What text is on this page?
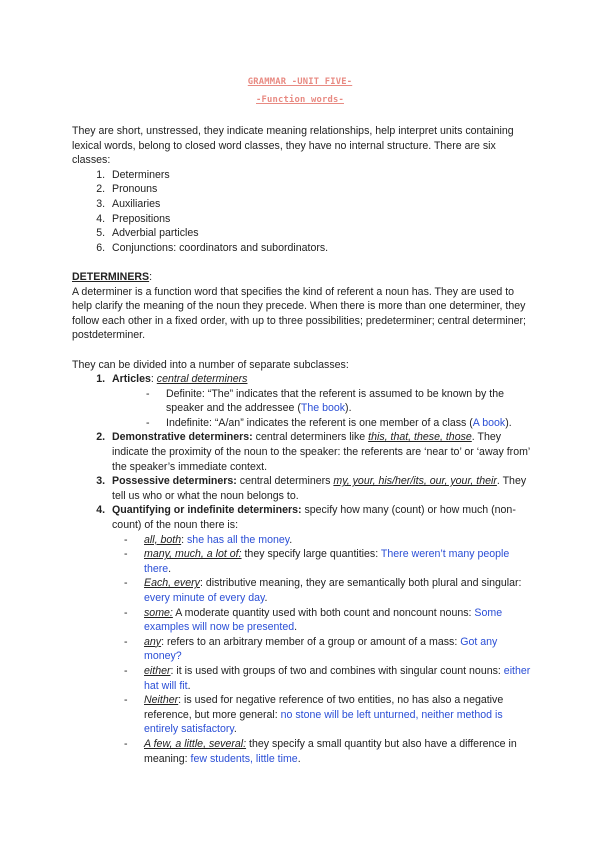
GRAMMAR -UNIT FIVE-
-Function words-

They are short, unstressed, they indicate meaning relationships, help interpret units containing lexical words, belong to closed word classes, they have no internal structure. There are six classes:

1. Determiners
2. Pronouns
3. Auxiliaries
4. Prepositions
5. Adverbial particles
6. Conjunctions: coordinators and subordinators.

DETERMINERS:

A determiner is a function word that specifies the kind of referent a noun has. They are used to help clarify the meaning of the noun they precede. When there is more than one determiner, they follow each other in a fixed order, with up to three possibilities; predeterminer; central determiner; postdeterminer.

They can be divided into a number of separate subclasses:

1. Articles: central determiners
- Definite: “The” indicates that the referent is assumed to be known by the speaker and the addressee (The book).
- Indefinite: “A/an” indicates the referent is one member of a class (A book).
2. Demonstrative determiners: central determiners like this, that, these, those. They indicate the proximity of the noun to the speaker: the referents are ‘near to’ or ‘away from’ the speaker’s immediate context.
3. Possessive determiners: central determiners my, your, his/her/its, our, your, their. They tell us who or what the noun belongs to.
4. Quantifying or indefinite determiners: specify how many (count) or how much (non-count) of the noun there is:
- all, both: she has all the money.
- many, much, a lot of: they specify large quantities: There weren’t many people there.
- Each, every: distributive meaning, they are semantically both plural and singular: every minute of every day.
- some: A moderate quantity used with both count and noncount nouns: Some examples will now be presented.
- any: refers to an arbitrary member of a group or amount of a mass: Got any money?
- either: it is used with groups of two and combines with singular count nouns: either hat will fit.
- Neither: is used for negative reference of two entities, no has also a negative reference, but more general: no stone will be left unturned, neither method is entirely satisfactory.
- A few, a little, several: they specify a small quantity but also have a difference in meaning: few students, little time.
